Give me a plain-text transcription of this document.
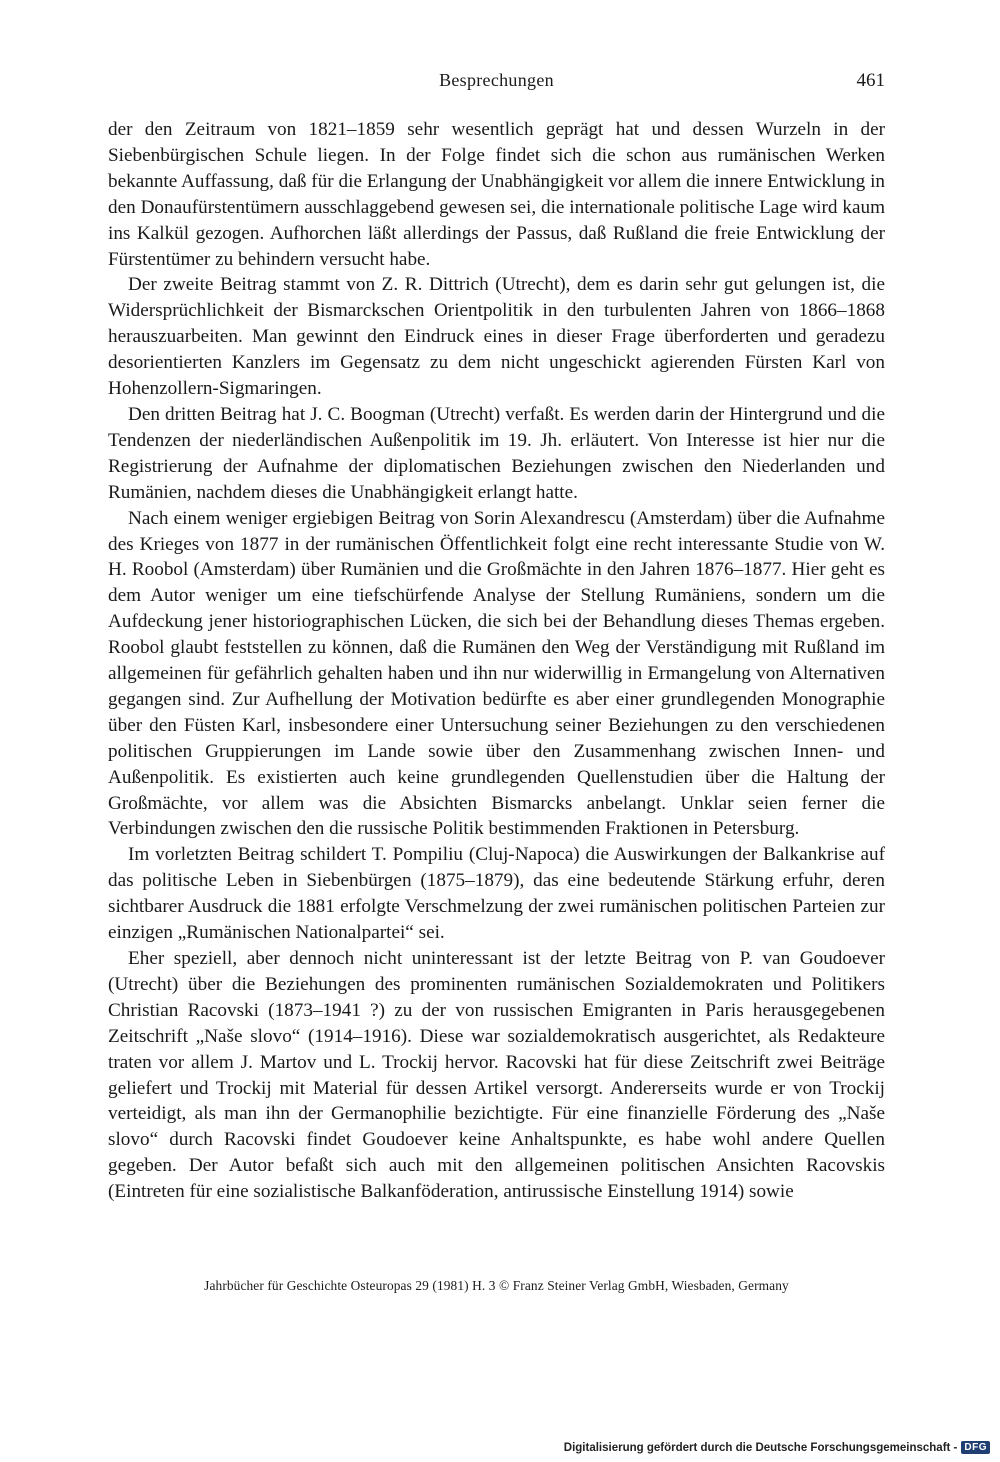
Besprechungen	461

der den Zeitraum von 1821–1859 sehr wesentlich geprägt hat und dessen Wurzeln in der Siebenbürgischen Schule liegen. In der Folge findet sich die schon aus rumänischen Werken bekannte Auffassung, daß für die Erlangung der Unabhängigkeit vor allem die innere Entwicklung in den Donaufürstentümern ausschlaggebend gewesen sei, die internationale politische Lage wird kaum ins Kalkül gezogen. Aufhorchen läßt allerdings der Passus, daß Rußland die freie Entwicklung der Fürstentümer zu behindern versucht habe.

Der zweite Beitrag stammt von Z. R. Dittrich (Utrecht), dem es darin sehr gut gelungen ist, die Widersprüchlichkeit der Bismarckschen Orientpolitik in den turbulenten Jahren von 1866–1868 herauszuarbeiten. Man gewinnt den Eindruck eines in dieser Frage überforderten und geradezu desorientierten Kanzlers im Gegensatz zu dem nicht ungeschickt agierenden Fürsten Karl von Hohenzollern-Sigmaringen.

Den dritten Beitrag hat J. C. Boogman (Utrecht) verfaßt. Es werden darin der Hintergrund und die Tendenzen der niederländischen Außenpolitik im 19. Jh. erläutert. Von Interesse ist hier nur die Registrierung der Aufnahme der diplomatischen Beziehungen zwischen den Niederlanden und Rumänien, nachdem dieses die Unabhängigkeit erlangt hatte.

Nach einem weniger ergiebigen Beitrag von Sorin Alexandrescu (Amsterdam) über die Aufnahme des Krieges von 1877 in der rumänischen Öffentlichkeit folgt eine recht interessante Studie von W. H. Roobol (Amsterdam) über Rumänien und die Großmächte in den Jahren 1876–1877. Hier geht es dem Autor weniger um eine tiefschürfende Analyse der Stellung Rumäniens, sondern um die Aufdeckung jener historiographischen Lücken, die sich bei der Behandlung dieses Themas ergeben. Roobol glaubt feststellen zu können, daß die Rumänen den Weg der Verständigung mit Rußland im allgemeinen für gefährlich gehalten haben und ihn nur widerwillig in Ermangelung von Alternativen gegangen sind. Zur Aufhellung der Motivation bedürfte es aber einer grundlegenden Monographie über den Füsten Karl, insbesondere einer Untersuchung seiner Beziehungen zu den verschiedenen politischen Gruppierungen im Lande sowie über den Zusammenhang zwischen Innen- und Außenpolitik. Es existierten auch keine grundlegenden Quellenstudien über die Haltung der Großmächte, vor allem was die Absichten Bismarcks anbelangt. Unklar seien ferner die Verbindungen zwischen den die russische Politik bestimmenden Fraktionen in Petersburg.

Im vorletzten Beitrag schildert T. Pompiliu (Cluj-Napoca) die Auswirkungen der Balkankrise auf das politische Leben in Siebenbürgen (1875–1879), das eine bedeutende Stärkung erfuhr, deren sichtbarer Ausdruck die 1881 erfolgte Verschmelzung der zwei rumänischen politischen Parteien zur einzigen „Rumänischen Nationalpartei“ sei.

Eher speziell, aber dennoch nicht uninteressant ist der letzte Beitrag von P. van Goudoever (Utrecht) über die Beziehungen des prominenten rumänischen Sozialdemokraten und Politikers Christian Racovski (1873–1941 ?) zu der von russischen Emigranten in Paris herausgegebenen Zeitschrift „Naše slovo“ (1914–1916). Diese war sozialdemokratisch ausgerichtet, als Redakteure traten vor allem J. Martov und L. Trockij hervor. Racovski hat für diese Zeitschrift zwei Beiträge geliefert und Trockij mit Material für dessen Artikel versorgt. Andererseits wurde er von Trockij verteidigt, als man ihn der Germanophilie bezichtigte. Für eine finanzielle Förderung des „Naše slovo“ durch Racovski findet Goudoever keine Anhaltspunkte, es habe wohl andere Quellen gegeben. Der Autor befaßt sich auch mit den allgemeinen politischen Ansichten Racovskis (Eintreten für eine sozialistische Balkanföderation, antirussische Einstellung 1914) sowie

Jahrbücher für Geschichte Osteuropas 29 (1981) H. 3 © Franz Steiner Verlag GmbH, Wiesbaden, Germany
Digitalisierung gefördert durch die Deutsche Forschungsgemeinschaft - DFG
